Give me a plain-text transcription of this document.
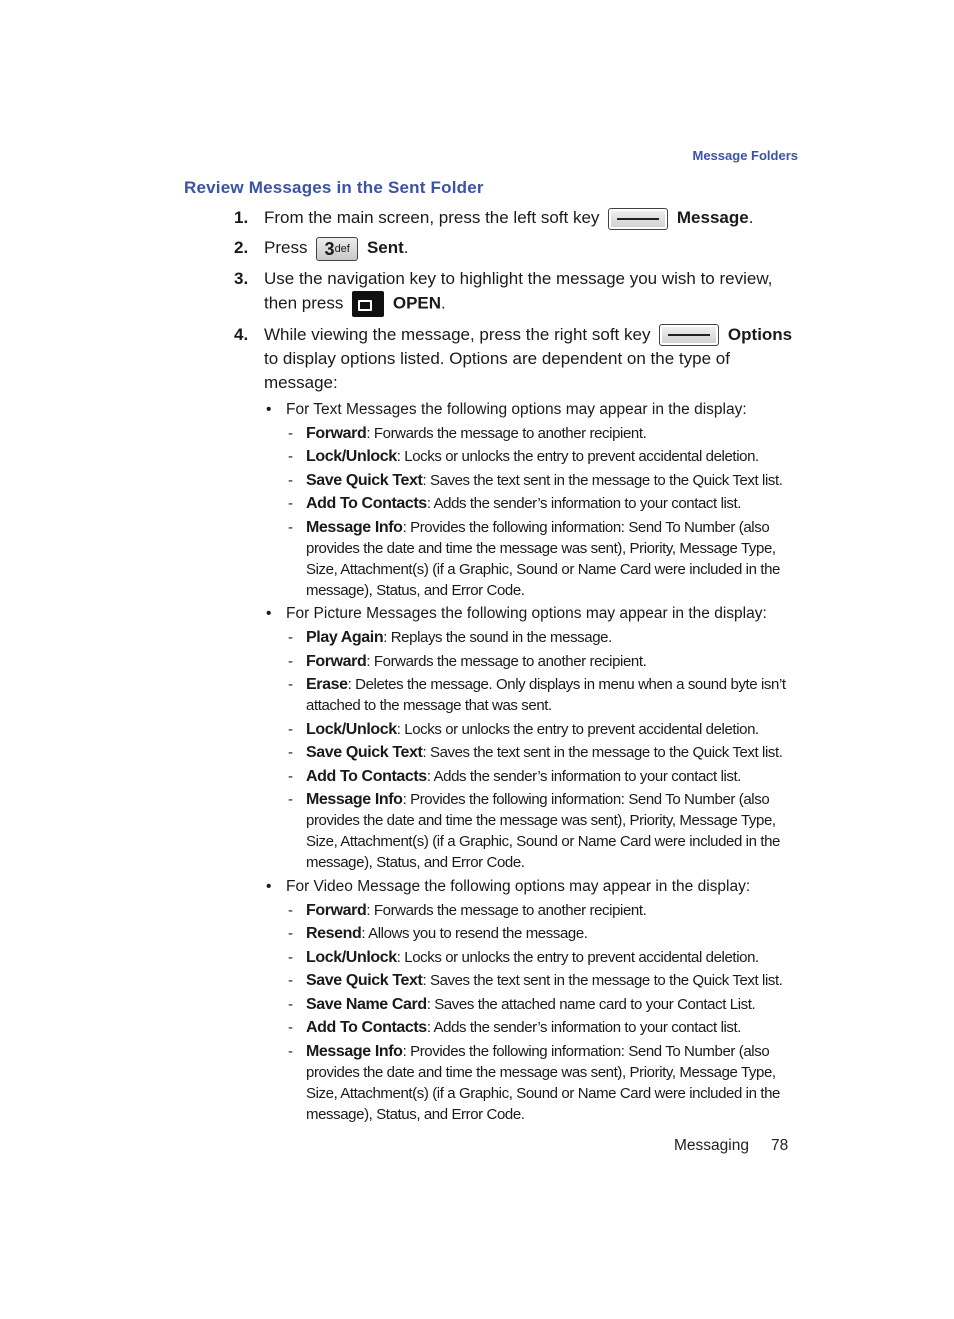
Message Folders
Review Messages in the Sent Folder
1. From the main screen, press the left soft key	Message.
2. Press 3def Sent.
3. Use the navigation key to highlight the message you wish to review, then press	OPEN.
4. While viewing the message, press the right soft key	Options to display options listed. Options are dependent on the type of message:
• For Text Messages the following options may appear in the display:
- Forward: Forwards the message to another recipient.
- Lock/Unlock: Locks or unlocks the entry to prevent accidental deletion.
- Save Quick Text: Saves the text sent in the message to the Quick Text list.
- Add To Contacts: Adds the sender’s information to your contact list.
- Message Info: Provides the following information: Send To Number (also provides the date and time the message was sent), Priority, Message Type, Size, Attachment(s) (if a Graphic, Sound or Name Card were included in the message), Status, and Error Code.
• For Picture Messages the following options may appear in the display:
- Play Again: Replays the sound in the message.
- Forward: Forwards the message to another recipient.
- Erase: Deletes the message. Only displays in menu when a sound byte isn’t attached to the message that was sent.
- Lock/Unlock: Locks or unlocks the entry to prevent accidental deletion.
- Save Quick Text: Saves the text sent in the message to the Quick Text list.
- Add To Contacts: Adds the sender’s information to your contact list.
- Message Info: Provides the following information: Send To Number (also provides the date and time the message was sent), Priority, Message Type, Size, Attachment(s) (if a Graphic, Sound or Name Card were included in the message), Status, and Error Code.
• For Video Message the following options may appear in the display:
- Forward: Forwards the message to another recipient.
- Resend: Allows you to resend the message.
- Lock/Unlock: Locks or unlocks the entry to prevent accidental deletion.
- Save Quick Text: Saves the text sent in the message to the Quick Text list.
- Save Name Card: Saves the attached name card to your Contact List.
- Add To Contacts: Adds the sender’s information to your contact list.
- Message Info: Provides the following information: Send To Number (also provides the date and time the message was sent), Priority, Message Type, Size, Attachment(s) (if a Graphic, Sound or Name Card were included in the message), Status, and Error Code.
Messaging 78
